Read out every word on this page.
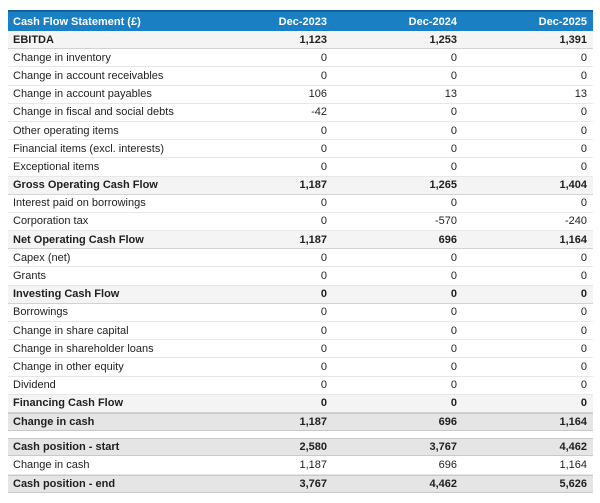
Cash Flow Statement (£)	Dec-2023	Dec-2024	Dec-2025
EBITDA	1,123	1,253	1,391
Change in inventory	0	0	0
Change in account receivables	0	0	0
Change in account payables	106	13	13
Change in fiscal and social debts	-42	0	0
Other operating items	0	0	0
Financial items (excl. interests)	0	0	0
Exceptional items	0	0	0
Gross Operating Cash Flow	1,187	1,265	1,404
Interest paid on borrowings	0	0	0
Corporation tax	0	-570	-240
Net Operating Cash Flow	1,187	696	1,164
Capex (net)	0	0	0
Grants	0	0	0
Investing Cash Flow	0	0	0
Borrowings	0	0	0
Change in share capital	0	0	0
Change in shareholder loans	0	0	0
Change in other equity	0	0	0
Dividend	0	0	0
Financing Cash Flow	0	0	0
Change in cash	1,187	696	1,164
Cash position - start	2,580	3,767	4,462
Change in cash	1,187	696	1,164
Cash position - end	3,767	4,462	5,626
